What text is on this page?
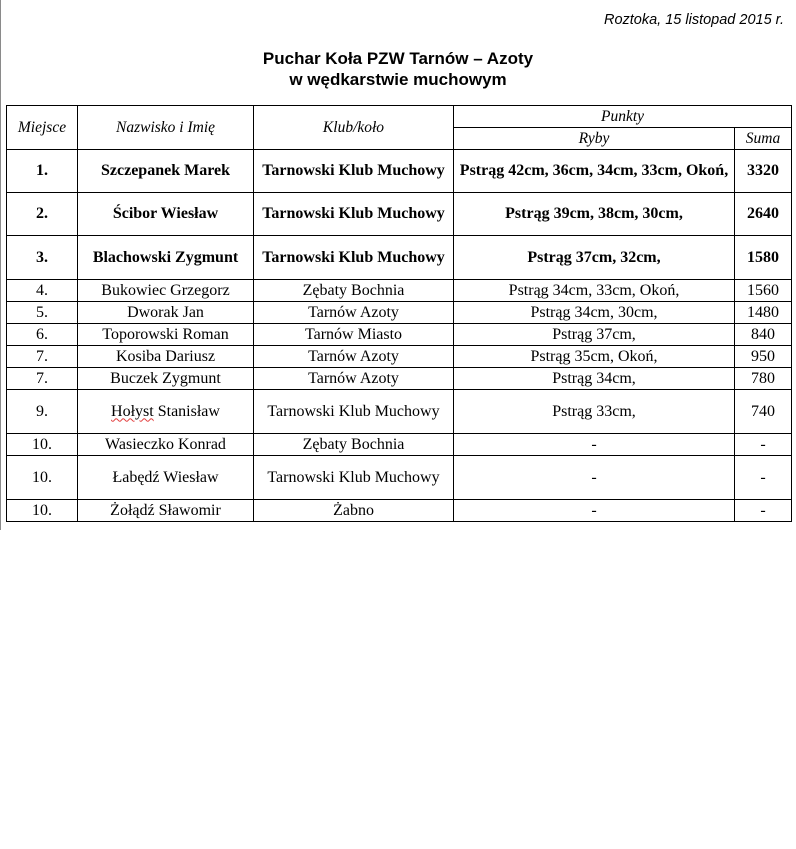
Roztoka, 15 listopad 2015 r.
Puchar Koła PZW Tarnów – Azoty
w wędkarstwie muchowym
Miejsce	Nazwisko i Imię	Klub/koło	Punkty	
			Ryby	Suma
1.	Szczepanek Marek	Tarnowski Klub Muchowy	Pstrąg 42cm, 36cm, 34cm, 33cm, Okoń,	3320
2.	Ścibor Wiesław	Tarnowski Klub Muchowy	Pstrąg 39cm, 38cm, 30cm,	2640
3.	Blachowski Zygmunt	Tarnowski Klub Muchowy	Pstrąg 37cm, 32cm,	1580
4.	Bukowiec Grzegorz	Zębaty Bochnia	Pstrąg 34cm, 33cm, Okoń,	1560
5.	Dworak Jan	Tarnów Azoty	Pstrąg 34cm, 30cm,	1480
6.	Toporowski Roman	Tarnów Miasto	Pstrąg 37cm,	840
7.	Kosiba Dariusz	Tarnów Azoty	Pstrąg 35cm, Okoń,	950
7.	Buczek Zygmunt	Tarnów Azoty	Pstrąg 34cm,	780
9.	Hołyst Stanisław	Tarnowski Klub Muchowy	Pstrąg 33cm,	740
10.	Wasieczko Konrad	Zębaty Bochnia	-	-
10.	Łabędź Wiesław	Tarnowski Klub Muchowy	-	-
10.	Żołądź Sławomir	Żabno	-	-
